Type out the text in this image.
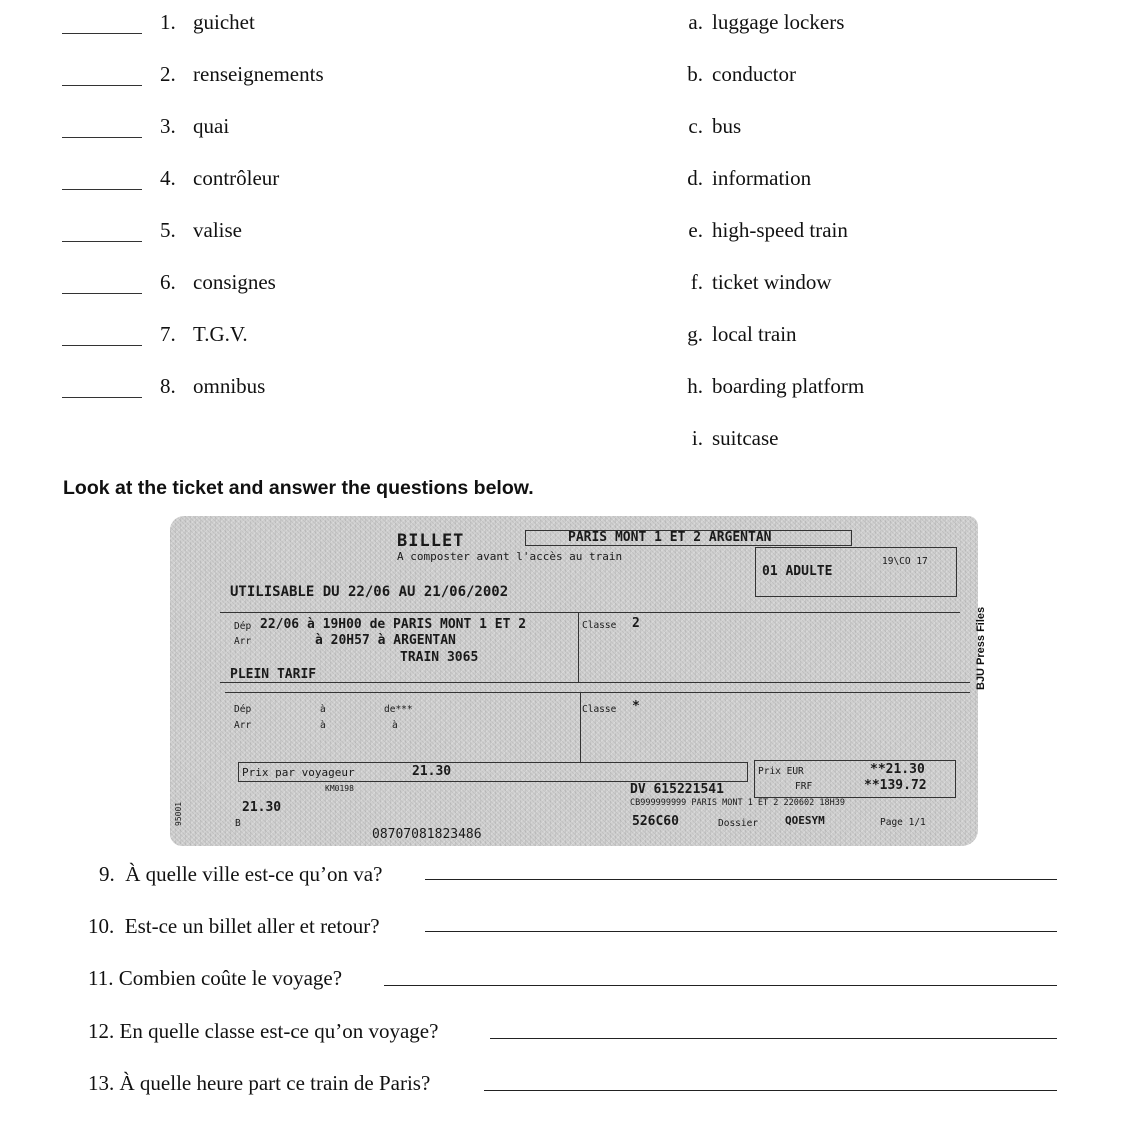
1. guichet
2. renseignements
3. quai
4. contrôleur
5. valise
6. consignes
7. T.G.V.
8. omnibus
a. luggage lockers
b. conductor
c. bus
d. information
e. high-speed train
f. ticket window
g. local train
h. boarding platform
i. suitcase
Look at the ticket and answer the questions below.
BILLET
A composter avant l'accès au train
PARIS MONT 1 ET 2 ARGENTAN
01 ADULTE
19\CO 17
UTILISABLE DU 22/06 AU 21/06/2002
Dép 22/06 à 19H00 de PARIS MONT 1 ET 2
Arr	à 20H57 à ARGENTAN
TRAIN 3065
Classe 2
PLEIN TARIF
Dép	à	de***
Arr	à	à
Classe *
Prix par voyageur	21.30
KM0198	DV 615221541
Prix EUR	**21.30
FRF	**139.72
21.30
B
CB999999999 PARIS MONT 1 ET 2 220602 18H39
526C60	Dossier QOESYM	Page 1/1
08707081823486
95001
BJU Press Files
9. À quelle ville est-ce qu’on va?
10. Est-ce un billet aller et retour?
11. Combien coûte le voyage?
12. En quelle classe est-ce qu’on voyage?
13. À quelle heure part ce train de Paris?
